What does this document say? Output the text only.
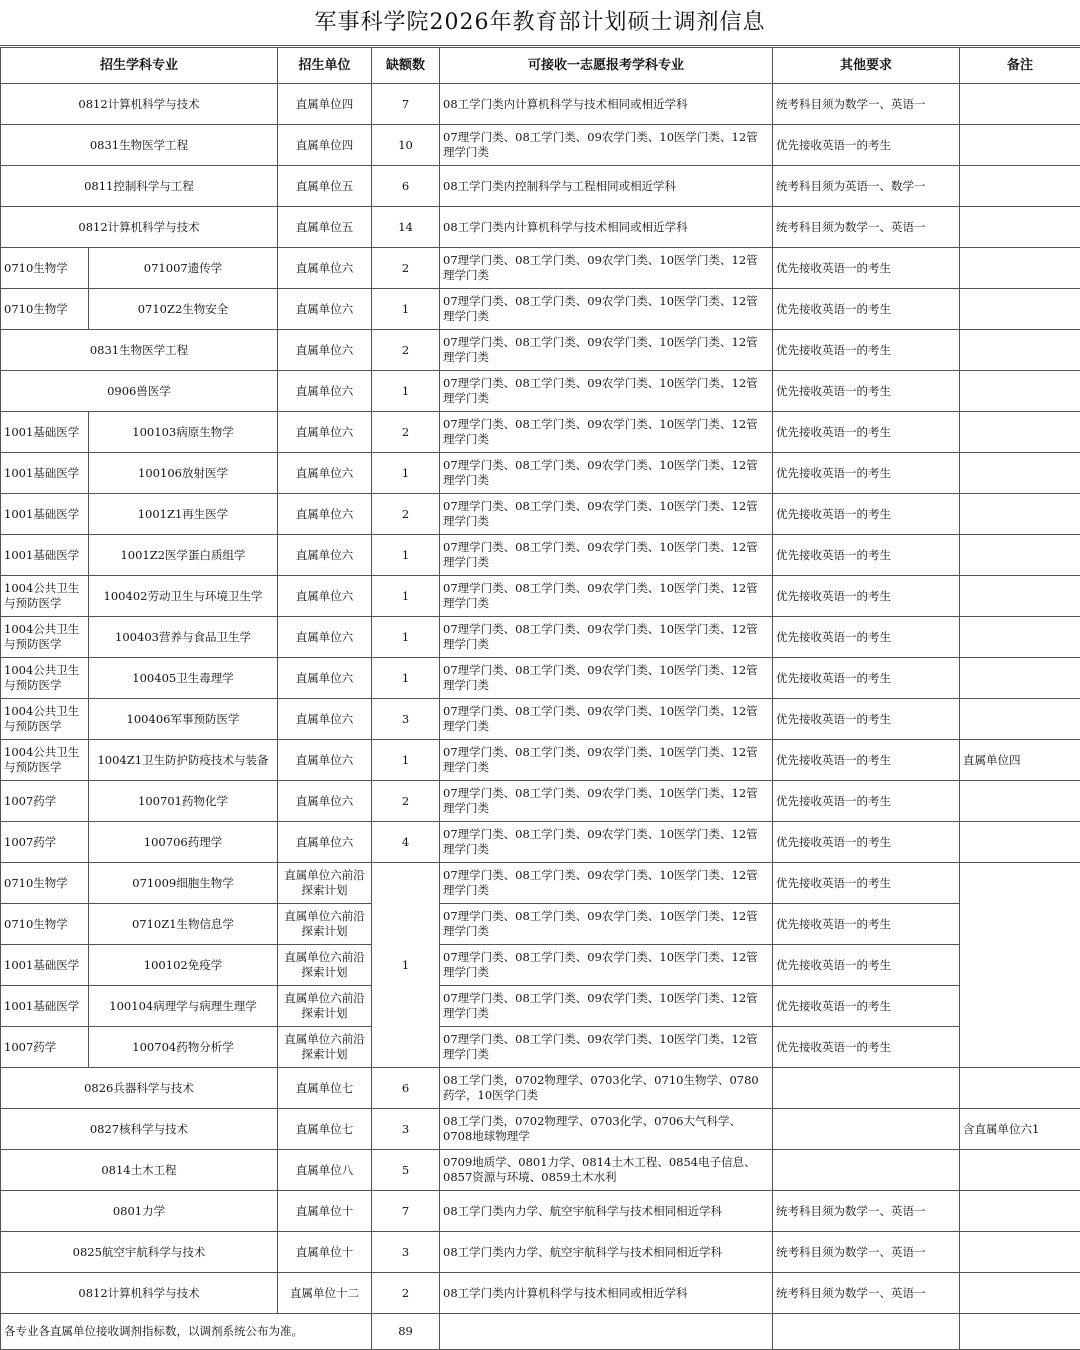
军事科学院2026年教育部计划硕士调剂信息
招生学科专业		招生单位	缺额数	可接收一志愿报考学科专业	其他要求	备注
0812计算机科学与技术		直属单位四	7	08工学门类内计算机科学与技术相同或相近学科	统考科目须为数学一、英语一	
0831生物医学工程		直属单位四	10	07理学门类、08工学门类、09农学门类、10医学门类、12管理学门类	优先接收英语一的考生	
0811控制科学与工程		直属单位五	6	08工学门类内控制科学与工程相同或相近学科	统考科目须为英语一、数学一	
0812计算机科学与技术		直属单位五	14	08工学门类内计算机科学与技术相同或相近学科	统考科目须为数学一、英语一	
0710生物学	071007遗传学	直属单位六	2	07理学门类、08工学门类、09农学门类、10医学门类、12管理学门类	优先接收英语一的考生	
0710生物学	0710Z2生物安全	直属单位六	1	07理学门类、08工学门类、09农学门类、10医学门类、12管理学门类	优先接收英语一的考生	
0831生物医学工程		直属单位六	2	07理学门类、08工学门类、09农学门类、10医学门类、12管理学门类	优先接收英语一的考生	
0906兽医学		直属单位六	1	07理学门类、08工学门类、09农学门类、10医学门类、12管理学门类	优先接收英语一的考生	
1001基础医学	100103病原生物学	直属单位六	2	07理学门类、08工学门类、09农学门类、10医学门类、12管理学门类	优先接收英语一的考生	
1001基础医学	100106放射医学	直属单位六	1	07理学门类、08工学门类、09农学门类、10医学门类、12管理学门类	优先接收英语一的考生	
1001基础医学	1001Z1再生医学	直属单位六	2	07理学门类、08工学门类、09农学门类、10医学门类、12管理学门类	优先接收英语一的考生	
1001基础医学	1001Z2医学蛋白质组学	直属单位六	1	07理学门类、08工学门类、09农学门类、10医学门类、12管理学门类	优先接收英语一的考生	
1004公共卫生与预防医学	100402劳动卫生与环境卫生学	直属单位六	1	07理学门类、08工学门类、09农学门类、10医学门类、12管理学门类	优先接收英语一的考生	
1004公共卫生与预防医学	100403营养与食品卫生学	直属单位六	1	07理学门类、08工学门类、09农学门类、10医学门类、12管理学门类	优先接收英语一的考生	
1004公共卫生与预防医学	100405卫生毒理学	直属单位六	1	07理学门类、08工学门类、09农学门类、10医学门类、12管理学门类	优先接收英语一的考生	
1004公共卫生与预防医学	100406军事预防医学	直属单位六	3	07理学门类、08工学门类、09农学门类、10医学门类、12管理学门类	优先接收英语一的考生	
1004公共卫生与预防医学	1004Z1卫生防护防疫技术与装备	直属单位六	1	07理学门类、08工学门类、09农学门类、10医学门类、12管理学门类	优先接收英语一的考生	直属单位四
1007药学	100701药物化学	直属单位六	2	07理学门类、08工学门类、09农学门类、10医学门类、12管理学门类	优先接收英语一的考生	
1007药学	100706药理学	直属单位六	4	07理学门类、08工学门类、09农学门类、10医学门类、12管理学门类	优先接收英语一的考生	
0710生物学	071009细胞生物学	直属单位六前沿探索计划	1	07理学门类、08工学门类、09农学门类、10医学门类、12管理学门类	优先接收英语一的考生	
0710生物学	0710Z1生物信息学	直属单位六前沿探索计划		07理学门类、08工学门类、09农学门类、10医学门类、12管理学门类	优先接收英语一的考生	
1001基础医学	100102免疫学	直属单位六前沿探索计划		07理学门类、08工学门类、09农学门类、10医学门类、12管理学门类	优先接收英语一的考生	
1001基础医学	100104病理学与病理生理学	直属单位六前沿探索计划		07理学门类、08工学门类、09农学门类、10医学门类、12管理学门类	优先接收英语一的考生	
1007药学	100704药物分析学	直属单位六前沿探索计划		07理学门类、08工学门类、09农学门类、10医学门类、12管理学门类	优先接收英语一的考生	
0826兵器科学与技术		直属单位七	6	08工学门类，0702物理学、0703化学、0710生物学、0780药学，10医学门类		
0827核科学与技术		直属单位七	3	08工学门类，0702物理学、0703化学、0706大气科学、0708地球物理学		含直属单位六1
0814土木工程		直属单位八	5	0709地质学、0801力学、0814土木工程、0854电子信息、0857资源与环境、0859土木水利		
0801力学		直属单位十	7	08工学门类内力学、航空宇航科学与技术相同相近学科	统考科目须为数学一、英语一	
0825航空宇航科学与技术		直属单位十	3	08工学门类内力学、航空宇航科学与技术相同相近学科	统考科目须为数学一、英语一	
0812计算机科学与技术		直属单位十二	2	08工学门类内计算机科学与技术相同或相近学科	统考科目须为数学一、英语一	
各专业各直属单位接收调剂指标数，以调剂系统公布为准。			89			
